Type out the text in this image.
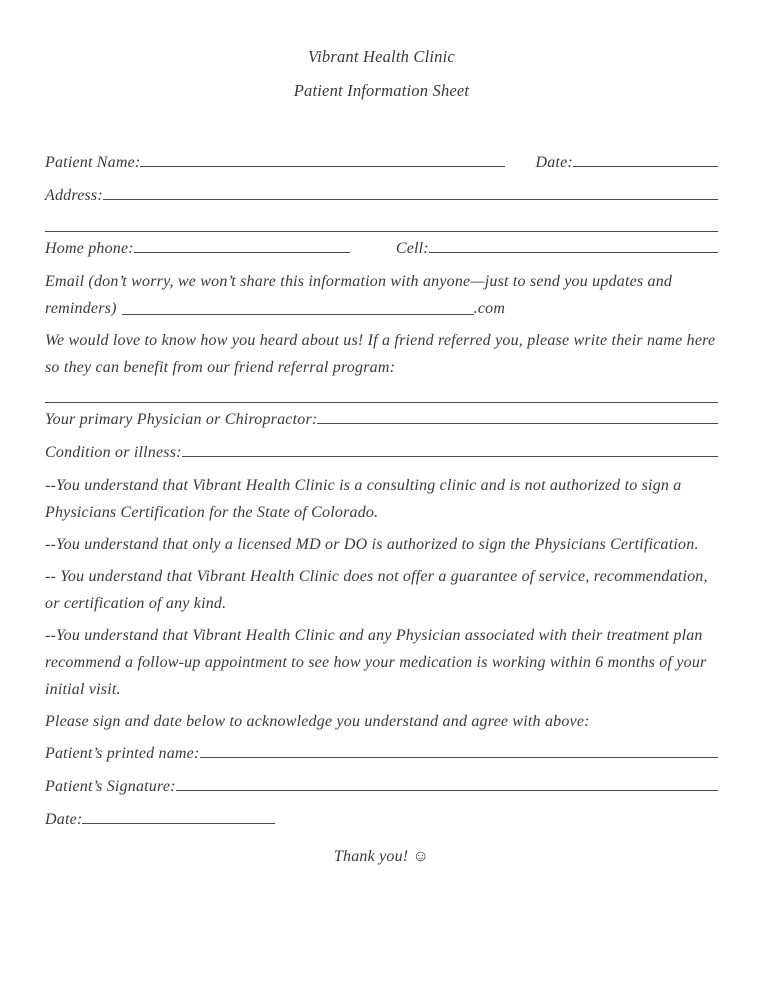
Vibrant Health Clinic
Patient Information Sheet
Patient Name:	Date:
Address:
Home phone:	Cell:

Email (don’t worry, we won’t share this information with anyone—just to send you updates and reminders)	.com

We would love to know how you heard about us! If a friend referred you, please write their name here so they can benefit from our friend referral program:

Your primary Physician or Chiropractor:
Condition or illness:

--You understand that Vibrant Health Clinic is a consulting clinic and is not authorized to sign a Physicians Certification for the State of Colorado.

--You understand that only a licensed MD or DO is authorized to sign the Physicians Certification.

-- You understand that Vibrant Health Clinic does not offer a guarantee of service, recommendation, or certification of any kind.

--You understand that Vibrant Health Clinic and any Physician associated with their treatment plan recommend a follow-up appointment to see how your medication is working within 6 months of your initial visit.

Please sign and date below to acknowledge you understand and agree with above:

Patient’s printed name:
Patient’s Signature:
Date:
Thank you! ☺
